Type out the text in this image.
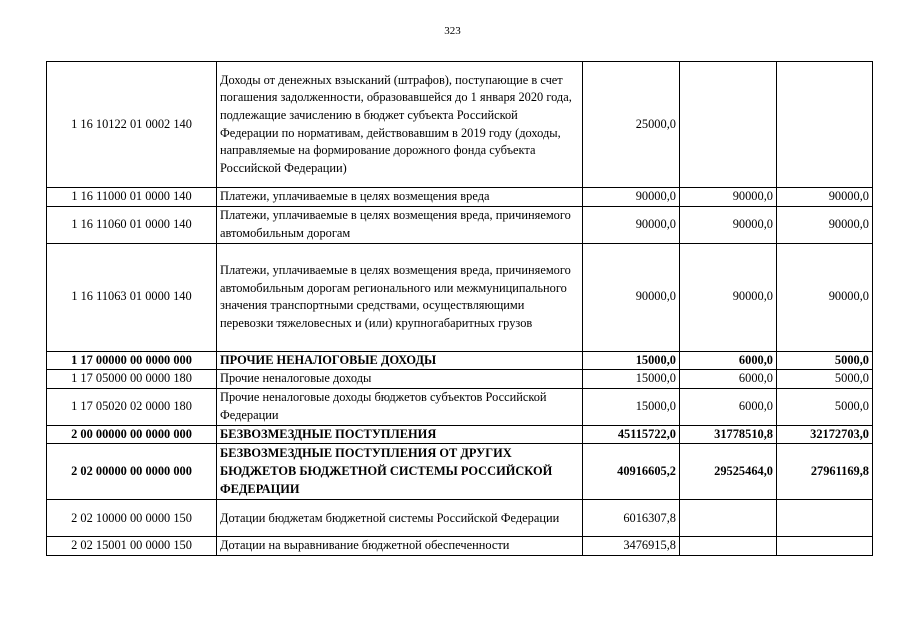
323
1 16 10122 01 0002 140	Доходы от денежных взысканий (штрафов), поступающие в счет погашения задолженности, образовавшейся до 1 января 2020 года, подлежащие зачислению в бюджет субъекта Российской Федерации по нормативам, действовавшим в 2019 году (доходы, направляемые на формирование дорожного фонда субъекта Российской Федерации)	25000,0		
1 16 11000 01 0000 140	Платежи, уплачиваемые в целях возмещения вреда	90000,0	90000,0	90000,0
1 16 11060 01 0000 140	Платежи, уплачиваемые в целях возмещения вреда, причиняемого автомобильным дорогам	90000,0	90000,0	90000,0
1 16 11063 01 0000 140	Платежи, уплачиваемые в целях возмещения вреда, причиняемого автомобильным дорогам регионального или межмуниципального значения транспортными средствами, осуществляющими перевозки тяжеловесных и (или) крупногабаритных грузов	90000,0	90000,0	90000,0
1 17 00000 00 0000 000	ПРОЧИЕ НЕНАЛОГОВЫЕ ДОХОДЫ	15000,0	6000,0	5000,0
1 17 05000 00 0000 180	Прочие неналоговые доходы	15000,0	6000,0	5000,0
1 17 05020 02 0000 180	Прочие неналоговые доходы бюджетов субъектов Российской Федерации	15000,0	6000,0	5000,0
2 00 00000 00 0000 000	БЕЗВОЗМЕЗДНЫЕ ПОСТУПЛЕНИЯ	45115722,0	31778510,8	32172703,0
2 02 00000 00 0000 000	БЕЗВОЗМЕЗДНЫЕ ПОСТУПЛЕНИЯ ОТ ДРУГИХ БЮДЖЕТОВ БЮДЖЕТНОЙ СИСТЕМЫ РОССИЙСКОЙ ФЕДЕРАЦИИ	40916605,2	29525464,0	27961169,8
2 02 10000 00 0000 150	Дотации бюджетам бюджетной системы Российской Федерации	6016307,8		
2 02 15001 00 0000 150	Дотации на выравнивание бюджетной обеспеченности	3476915,8		
